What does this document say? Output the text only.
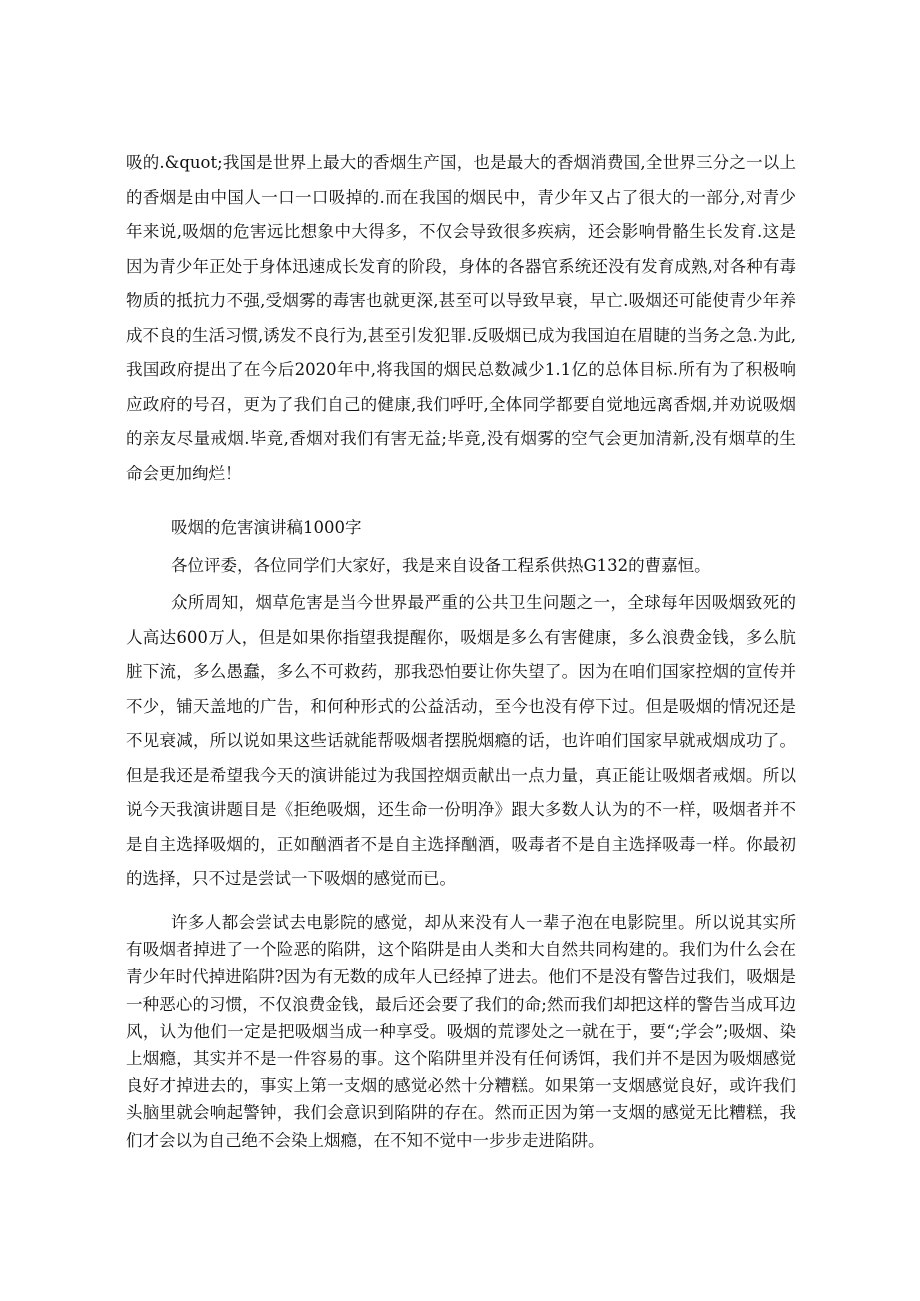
吸的.&quot;我国是世界上最大的香烟生产国，也是最大的香烟消费国,全世界三分之一以上的香烟是由中国人一口一口吸掉的.而在我国的烟民中，青少年又占了很大的一部分,对青少年来说,吸烟的危害远比想象中大得多，不仅会导致很多疾病，还会影响骨骼生长发育.这是因为青少年正处于身体迅速成长发育的阶段，身体的各器官系统还没有发育成熟,对各种有毒物质的抵抗力不强,受烟雾的毒害也就更深,甚至可以导致早衰，早亡.吸烟还可能使青少年养成不良的生活习惯,诱发不良行为,甚至引发犯罪.反吸烟已成为我国迫在眉睫的当务之急.为此,我国政府提出了在今后2020年中,将我国的烟民总数减少1.1亿的总体目标.所有为了积极响应政府的号召，更为了我们自己的健康,我们呼吁,全体同学都要自觉地远离香烟,并劝说吸烟的亲友尽量戒烟.毕竟,香烟对我们有害无益;毕竟,没有烟雾的空气会更加清新,没有烟草的生命会更加绚烂！

吸烟的危害演讲稿1000字

各位评委，各位同学们大家好，我是来自设备工程系供热G132的曹嘉恒。

众所周知，烟草危害是当今世界最严重的公共卫生问题之一，全球每年因吸烟致死的人高达600万人，但是如果你指望我提醒你，吸烟是多么有害健康，多么浪费金钱，多么肮脏下流，多么愚蠢，多么不可救药，那我恐怕要让你失望了。因为在咱们国家控烟的宣传并不少，铺天盖地的广告，和何种形式的公益活动，至今也没有停下过。但是吸烟的情况还是不见衰减，所以说如果这些话就能帮吸烟者摆脱烟瘾的话，也许咱们国家早就戒烟成功了。但是我还是希望我今天的演讲能过为我国控烟贡献出一点力量，真正能让吸烟者戒烟。所以说今天我演讲题目是《拒绝吸烟，还生命一份明净》跟大多数人认为的不一样，吸烟者并不是自主选择吸烟的，正如酗酒者不是自主选择酗酒，吸毒者不是自主选择吸毒一样。你最初的选择，只不过是尝试一下吸烟的感觉而已。

许多人都会尝试去电影院的感觉，却从来没有人一辈子泡在电影院里。所以说其实所有吸烟者掉进了一个险恶的陷阱，这个陷阱是由人类和大自然共同构建的。我们为什么会在青少年时代掉进陷阱?因为有无数的成年人已经掉了进去。他们不是没有警告过我们，吸烟是一种恶心的习惯，不仅浪费金钱，最后还会要了我们的命;然而我们却把这样的警告当成耳边风，认为他们一定是把吸烟当成一种享受。吸烟的荒谬处之一就在于，要“;学会”;吸烟、染上烟瘾，其实并不是一件容易的事。这个陷阱里并没有任何诱饵，我们并不是因为吸烟感觉良好才掉进去的，事实上第一支烟的感觉必然十分糟糕。如果第一支烟感觉良好，或许我们头脑里就会响起警钟，我们会意识到陷阱的存在。然而正因为第一支烟的感觉无比糟糕，我们才会以为自己绝不会染上烟瘾，在不知不觉中一步步走进陷阱。
